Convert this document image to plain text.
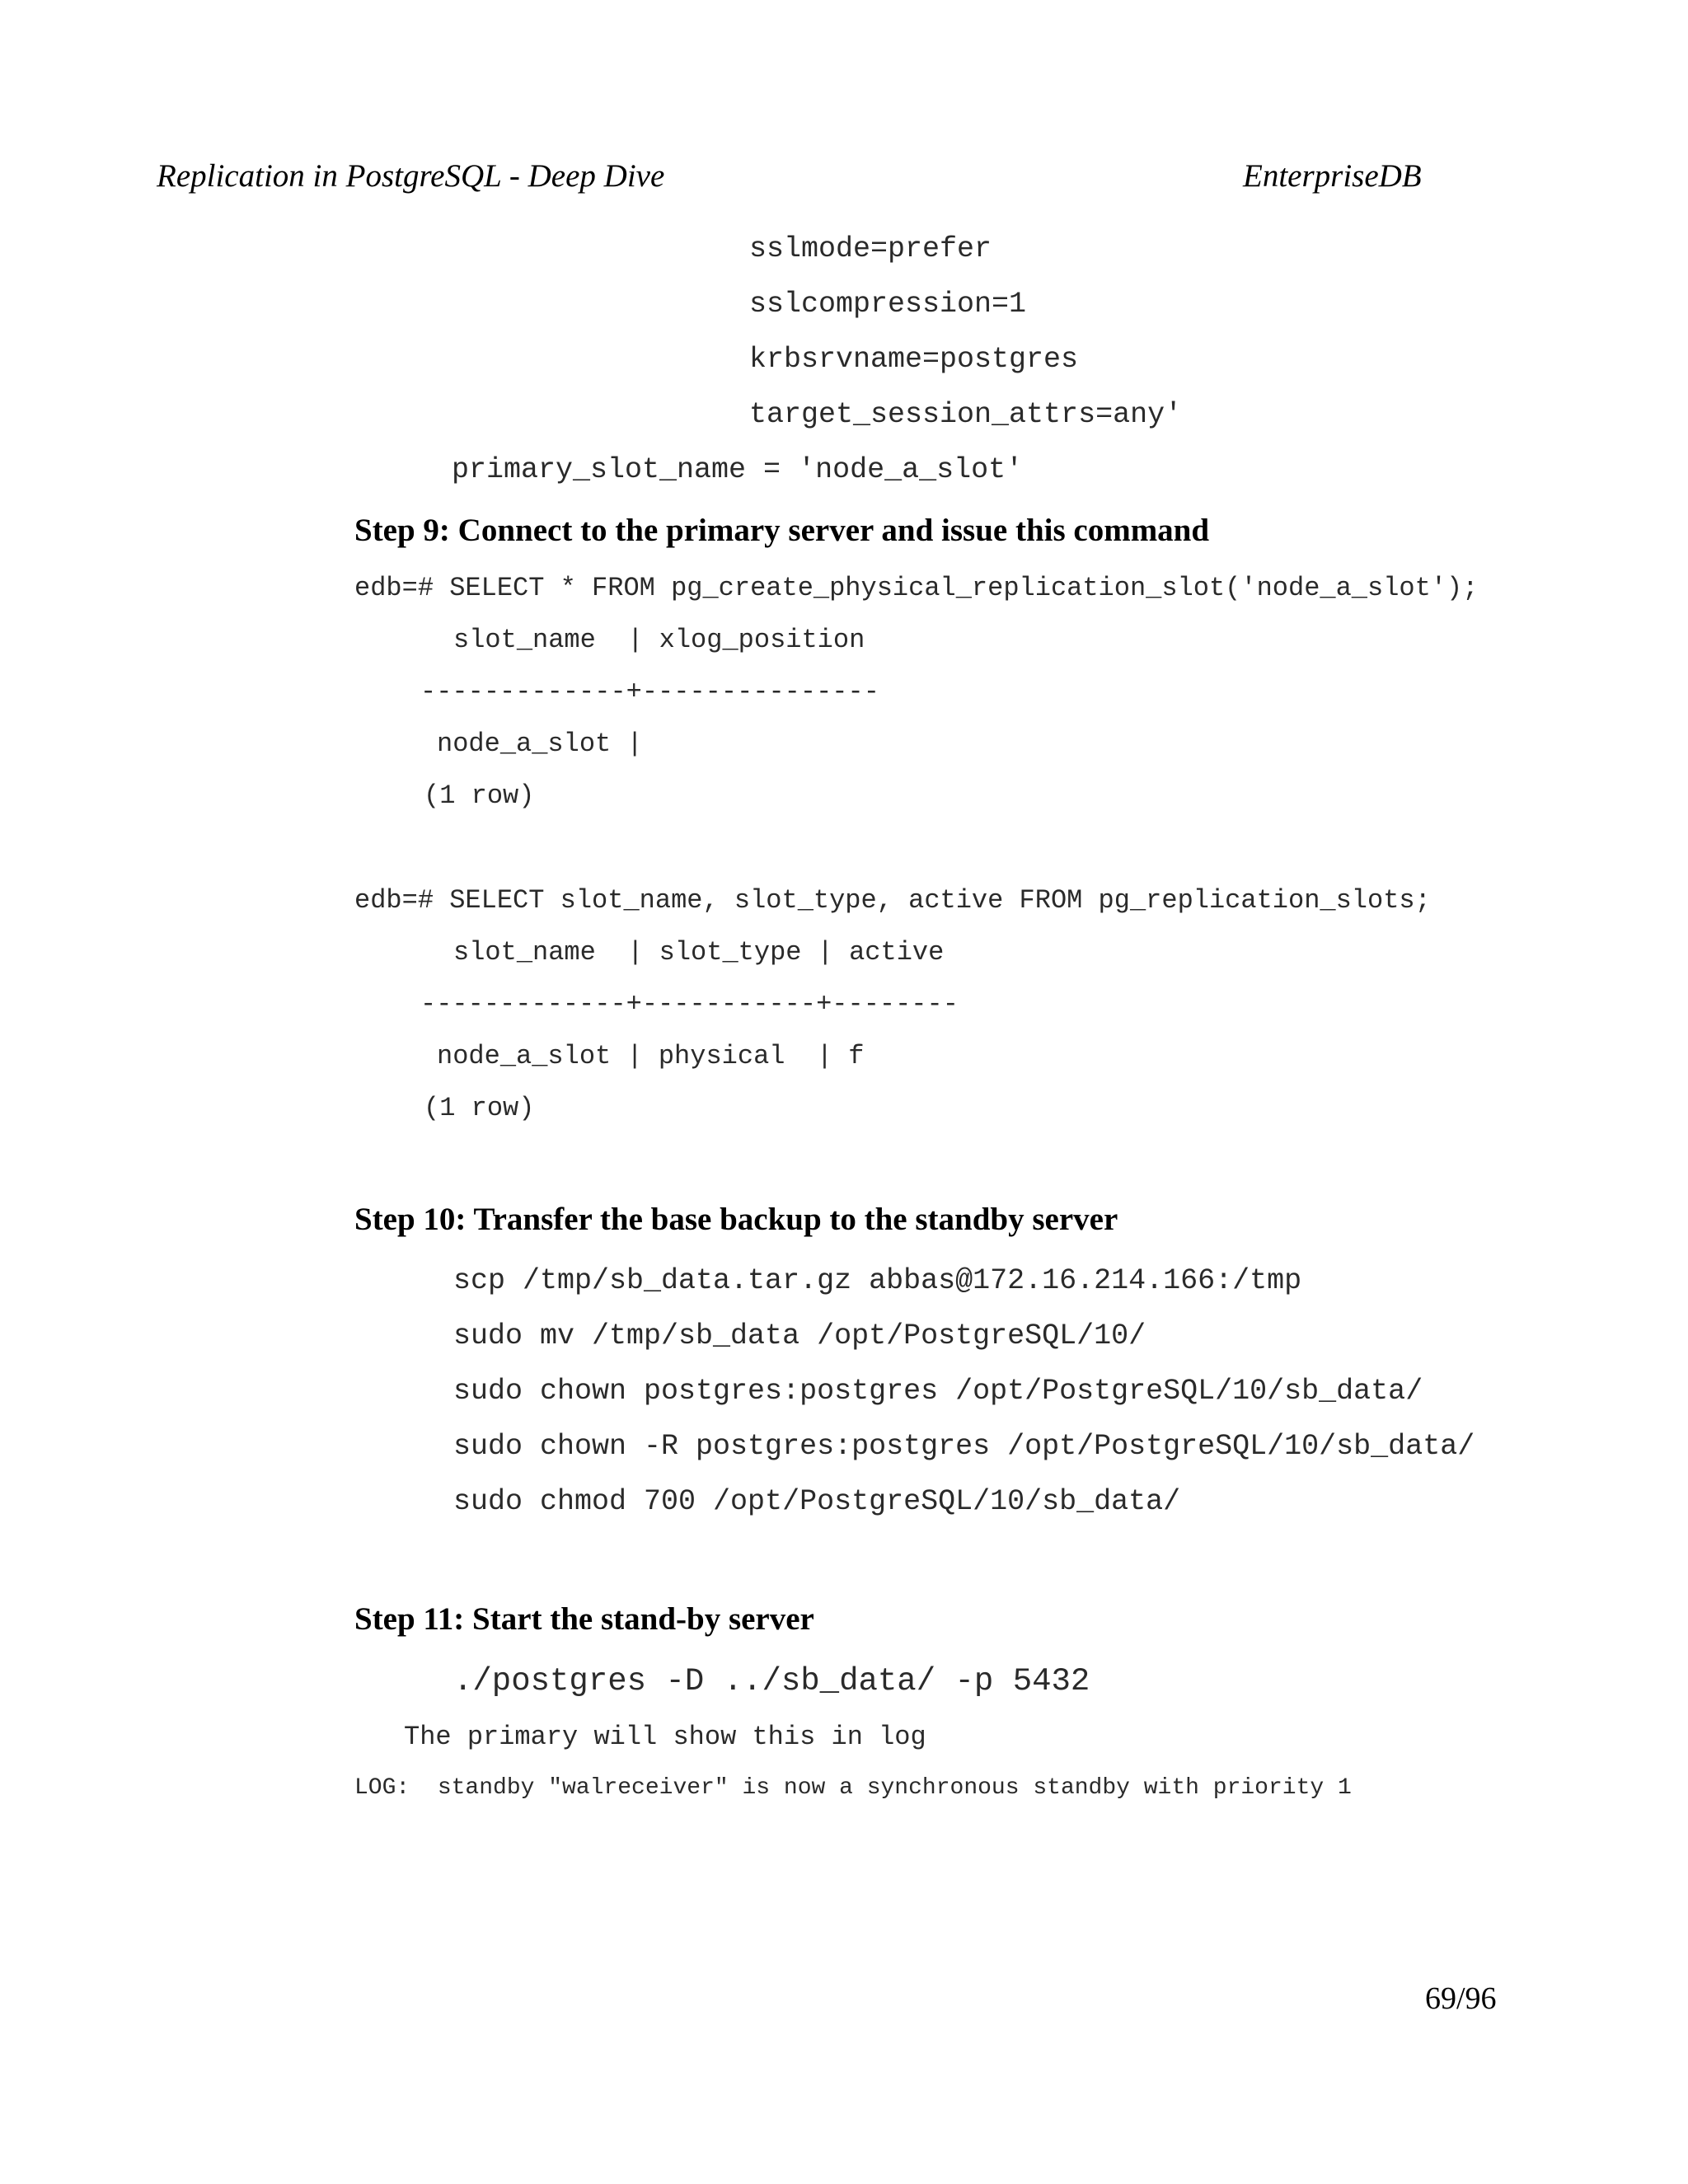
Replication in PostgreSQL - Deep Dive	EnterpriseDB
sslmode=prefer
sslcompression=1
krbsrvname=postgres
target_session_attrs=any'
primary_slot_name = 'node_a_slot'
Step 9: Connect to the primary server and issue this command
edb=# SELECT * FROM pg_create_physical_replication_slot('node_a_slot');
slot_name  | xlog_position
-------------+---------------
node_a_slot |
(1 row)
edb=# SELECT slot_name, slot_type, active FROM pg_replication_slots;
slot_name  | slot_type | active
-------------+-----------+--------
node_a_slot | physical  | f
(1 row)
Step 10: Transfer the base backup to the standby server
scp /tmp/sb_data.tar.gz abbas@172.16.214.166:/tmp
sudo mv /tmp/sb_data /opt/PostgreSQL/10/
sudo chown postgres:postgres /opt/PostgreSQL/10/sb_data/
sudo chown -R postgres:postgres /opt/PostgreSQL/10/sb_data/
sudo chmod 700 /opt/PostgreSQL/10/sb_data/
Step 11: Start the stand-by server
./postgres -D ../sb_data/ -p 5432
The primary will show this in log
LOG:  standby "walreceiver" is now a synchronous standby with priority 1
69/96
